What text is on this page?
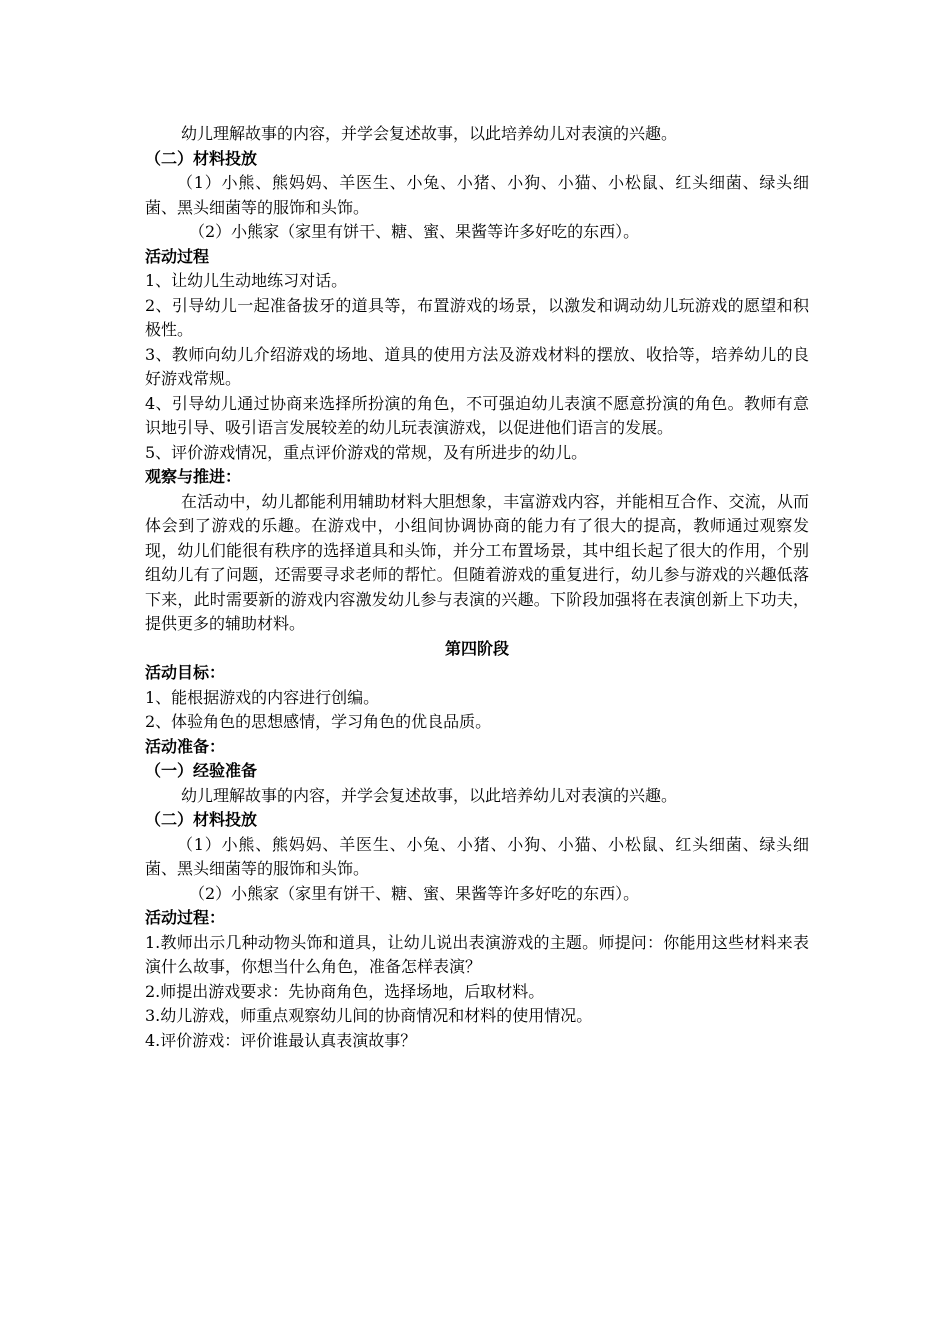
幼儿理解故事的内容，并学会复述故事，以此培养幼儿对表演的兴趣。

（二）材料投放

（1）小熊、熊妈妈、羊医生、小兔、小猪、小狗、小猫、小松鼠、红头细菌、绿头细菌、黑头细菌等的服饰和头饰。

（2）小熊家（家里有饼干、糖、蜜、果酱等许多好吃的东西）。

活动过程

1、让幼儿生动地练习对话。

2、引导幼儿一起准备拔牙的道具等，布置游戏的场景，以激发和调动幼儿玩游戏的愿望和积极性。

3、教师向幼儿介绍游戏的场地、道具的使用方法及游戏材料的摆放、收拾等，培养幼儿的良好游戏常规。

4、引导幼儿通过协商来选择所扮演的角色，不可强迫幼儿表演不愿意扮演的角色。教师有意识地引导、吸引语言发展较差的幼儿玩表演游戏，以促进他们语言的发展。

5、评价游戏情况，重点评价游戏的常规，及有所进步的幼儿。

观察与推进：

在活动中，幼儿都能利用辅助材料大胆想象，丰富游戏内容，并能相互合作、交流，从而体会到了游戏的乐趣。在游戏中，小组间协调协商的能力有了很大的提高，教师通过观察发现，幼儿们能很有秩序的选择道具和头饰，并分工布置场景，其中组长起了很大的作用，个别组幼儿有了问题，还需要寻求老师的帮忙。但随着游戏的重复进行，幼儿参与游戏的兴趣低落下来，此时需要新的游戏内容激发幼儿参与表演的兴趣。下阶段加强将在表演创新上下功夫，提供更多的辅助材料。

第四阶段

活动目标：

1、能根据游戏的内容进行创编。

2、体验角色的思想感情，学习角色的优良品质。

活动准备：

（一）经验准备

幼儿理解故事的内容，并学会复述故事，以此培养幼儿对表演的兴趣。

（二）材料投放

（1）小熊、熊妈妈、羊医生、小兔、小猪、小狗、小猫、小松鼠、红头细菌、绿头细菌、黑头细菌等的服饰和头饰。

（2）小熊家（家里有饼干、糖、蜜、果酱等许多好吃的东西）。

活动过程：

1.教师出示几种动物头饰和道具，让幼儿说出表演游戏的主题。师提问：你能用这些材料来表演什么故事，你想当什么角色，准备怎样表演？

2.师提出游戏要求：先协商角色，选择场地，后取材料。

3.幼儿游戏，师重点观察幼儿间的协商情况和材料的使用情况。

4.评价游戏：评价谁最认真表演故事？
